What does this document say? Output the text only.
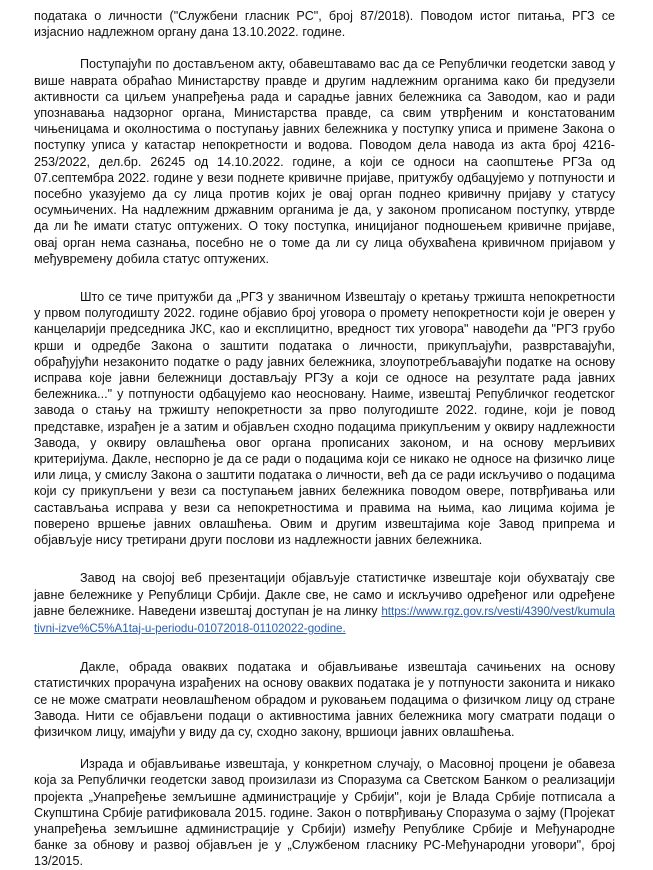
података о личности ("Службени гласник РС", број 87/2018). Поводом истог питања, РГЗ се изјаснио надлежном органу дана 13.10.2022. године.

Поступајући по достављеном акту, обавештавамо вас да се Републички геодетски завод у више наврата обраћао Министарству правде и другим надлежним органима како би предузели активности са циљем унапређења рада и сарадње јавних бележника са Заводом, као и ради упознавања надзорног органа, Министарства правде, са свим утврђеним и констатованим чињеницама и околностима о поступању јавних бележника у поступку уписа и примене Закона о поступку уписа у катастар непокретности и водова. Поводом дела навода из акта број 4216-253/2022, дел.бр. 26245 од 14.10.2022. године, а који се односи на саопштење РГЗа од 07.септембра 2022. године у вези поднете кривичне пријаве, притужбу одбацујемо у потпуности и посебно указујемо да су лица против којих је овај орган поднео кривичну пријаву у статусу осумњичених. На надлежним државним органима је да, у законом прописаном поступку, утврде да ли ће имати статус оптужених. О току поступка, иницијаног подношењем кривичне пријаве, овај орган нема сазнања, посебно не о томе да ли су лица обухваћена кривичном пријавом у међувремену добила статус оптужених.

Што се тиче притужби да „РГЗ у званичном Извештају о кретању тржишта непокретности у првом полугодишту 2022. године објавио број уговора о промету непокретности који је оверен у канцеларији председника ЈКС, као и експлицитно, вредност тих уговора" наводећи да "РГЗ грубо крши и одредбе Закона о заштити података о личности, прикупљајући, разврставајући, обрађујући незаконито податке о раду јавних бележника, злоупотребљавајући податке на основу исправа које јавни бележници достављају РГЗу а који се односе на резултате рада јавних бележника..." у потпуности одбацујемо као неосновану. Наиме, извештај Републичког геодетског завода о стању на тржишту непокретности за прво полугодиште 2022. године, који је повод представке, израђен је а затим и објављен сходно подацима прикупљеним у оквиру надлежности Завода, у оквиру овлашћења овог органа прописаних законом, и на основу мерљивих критеријума. Дакле, неспорно је да се ради о подацима који се никако не односе на физичко лице или лица, у смислу Закона о заштити података о личности, већ да се ради искључиво о подацима који су прикупљени у вези са поступањем јавних бележника поводом овере, потврђивања или састављања исправа у вези са непокретностима и правима на њима, као лицима којима је поверено вршење јавних овлашћења. Овим и другим извештајима које Завод припрема и објављује нису третирани други послови из надлежности јавних бележника.

Завод на својој веб презентацији објављује статистичке извештаје који обухватају све јавне бележнике у Републици Србији. Дакле све, не само и искључиво одређеног или одређене јавне бележнике. Наведени извештај доступан је на линку https://www.rgz.gov.rs/vesti/4390/vest/kumulativni-izve%C5%A1taj-u-periodu-01072018-01102022-godine.

Дакле, обрада оваквих података и објављивање извештаја сачињених на основу статистичких прорачуна израђених на основу оваквих података је у потпуности законита и никако се не може сматрати неовлашћеном обрадом и руковањем подацима о физичком лицу од стране Завода. Нити се објављени подаци о активностима јавних бележника могу сматрати подаци о физичком лицу, имајући у виду да су, сходно закону, вршиоци јавних овлашћења.

Израда и објављивање извештаја, у конкретном случају, о Масовној процени је обавеза која за Републички геодетски завод произилази из Споразума са Светском Банком о реализацији пројекта „Унапређење земљишне администрације у Србији", који је Влада Србије потписала а Скупштина Србије ратификовала 2015. године. Закон о потврђивању Споразума о зајму (Пројекат унапређења земљишне администрације у Србији) између Републике Србије и Међународне банке за обнову и развој објављен је у „Службеном гласнику РС-Међународни уговори", број 13/2015.
